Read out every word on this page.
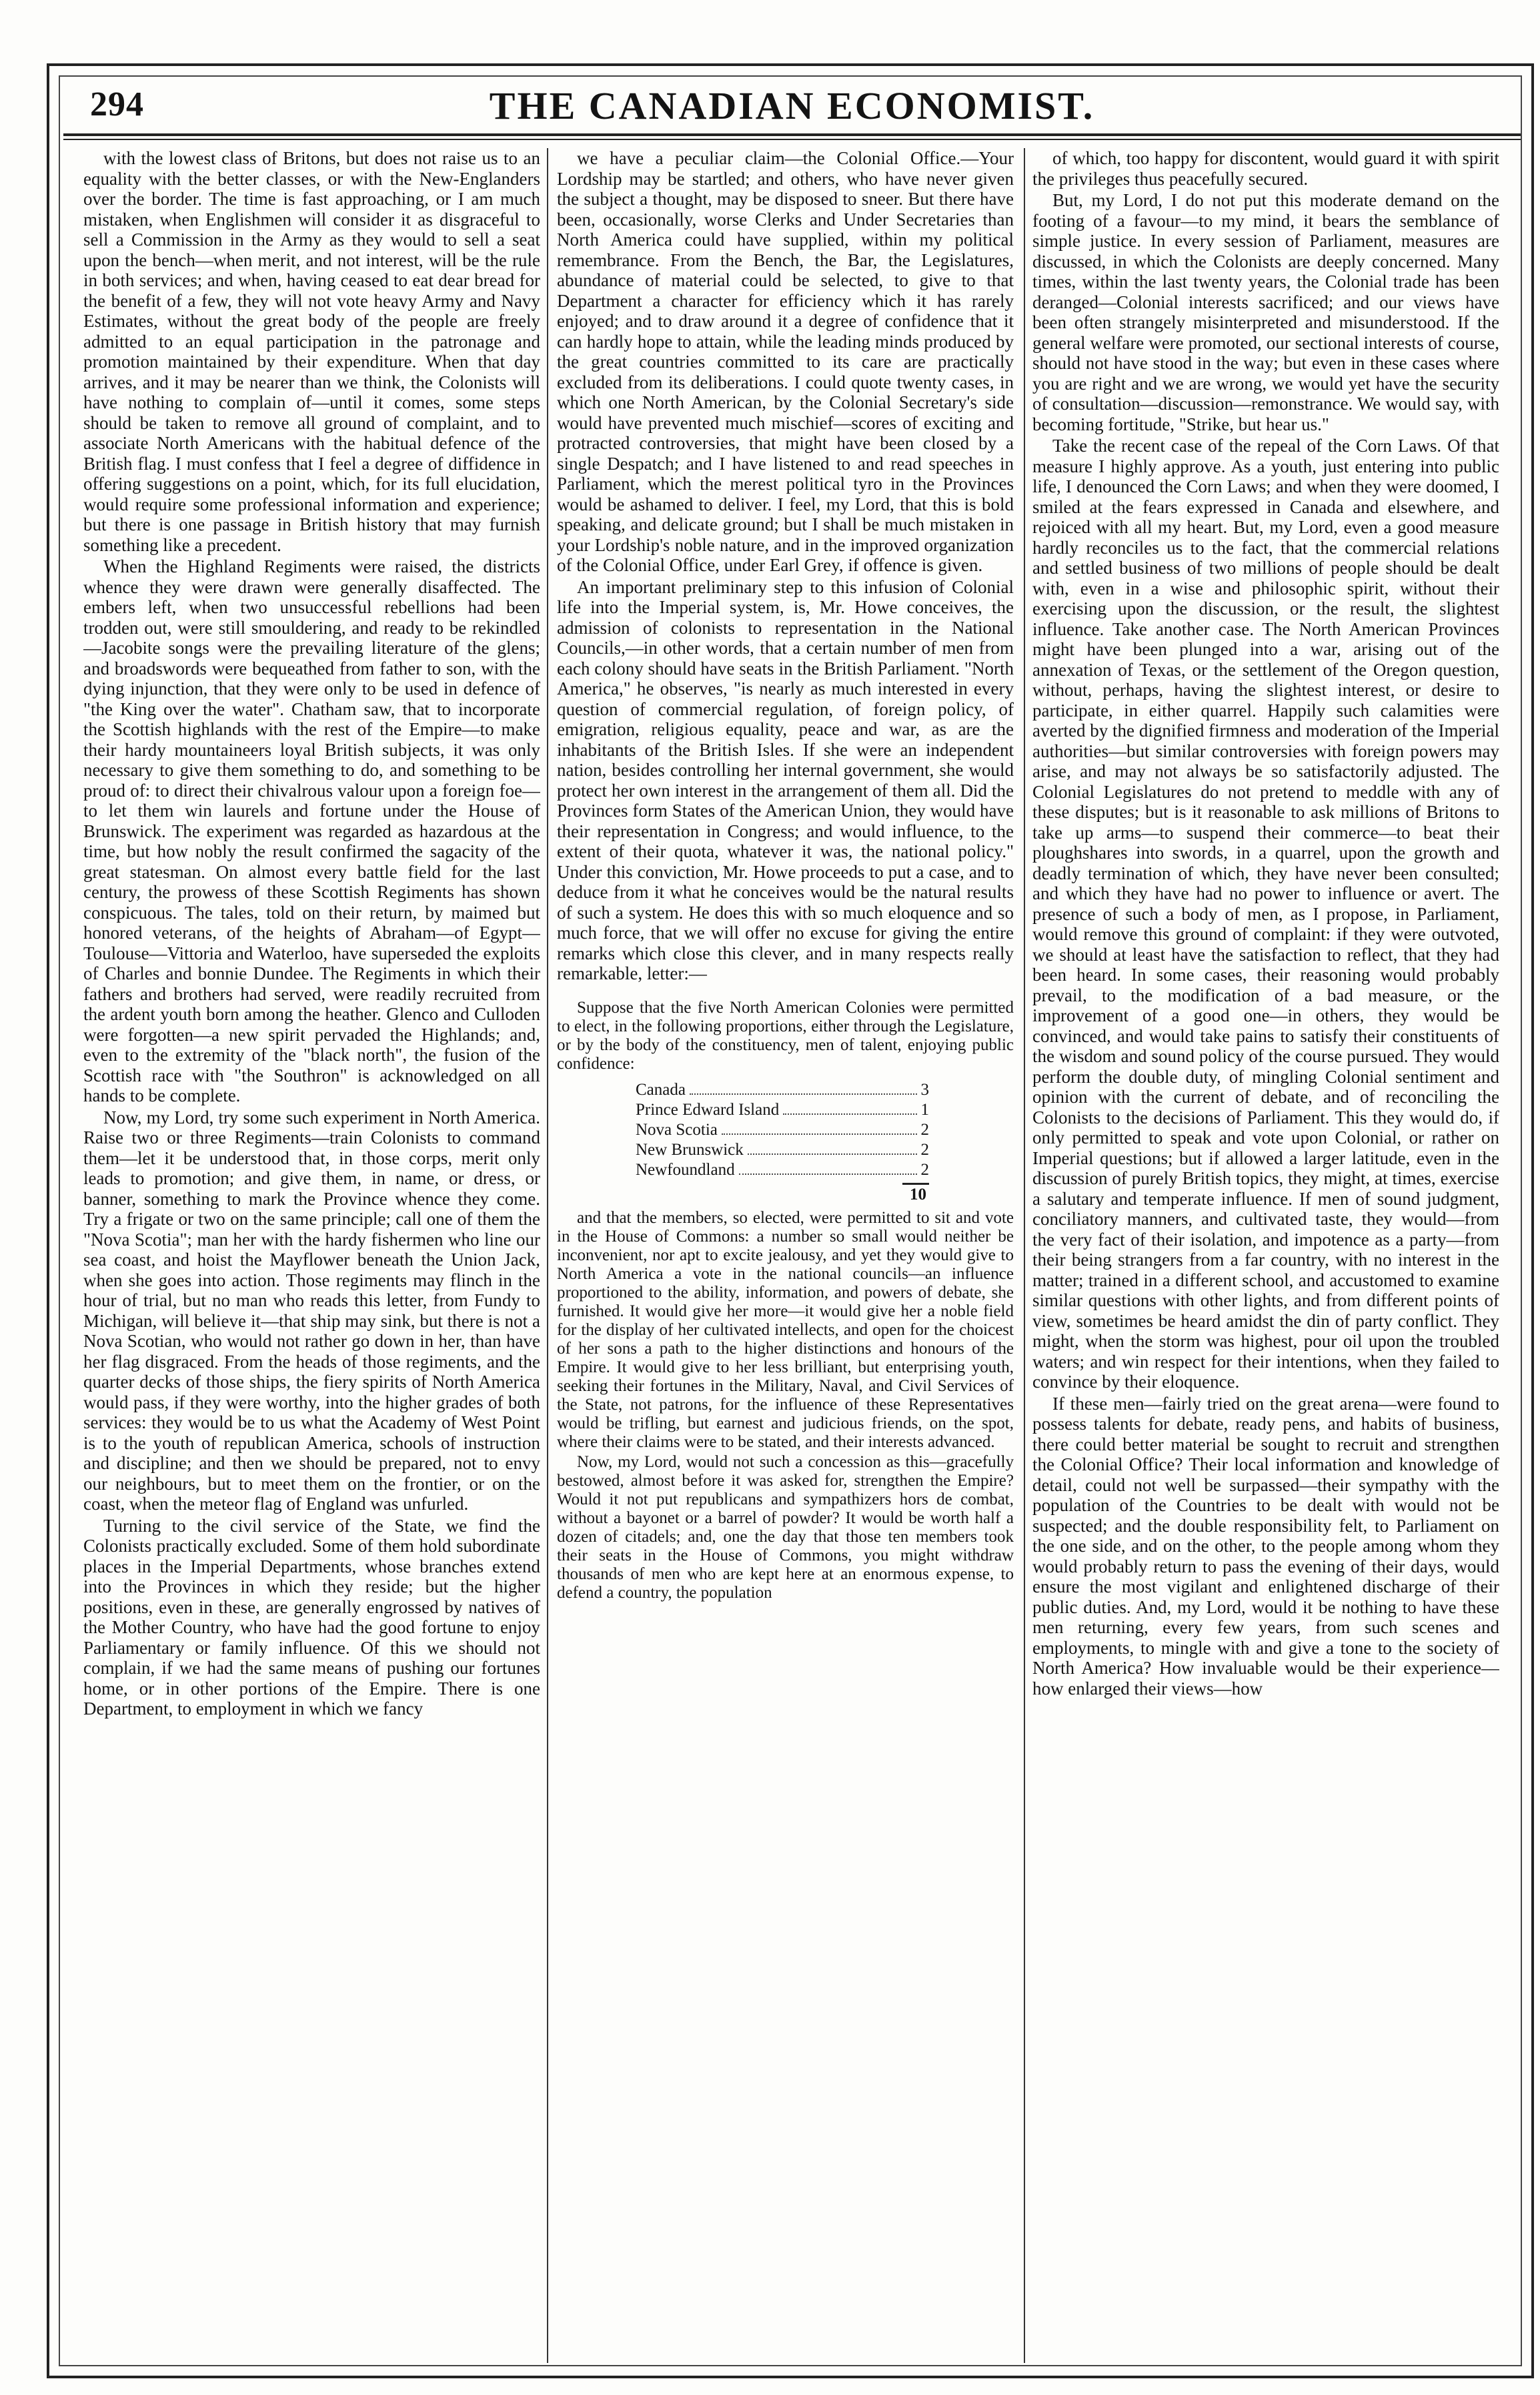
294	THE CANADIAN ECONOMIST.

with the lowest class of Britons, but does not raise us to an equality with the better classes, or with the New-Englanders over the border. The time is fast approaching, or I am much mistaken, when Englishmen will consider it as disgraceful to sell a Commission in the Army as they would to sell a seat upon the bench—when merit, and not interest, will be the rule in both services; and when, having ceased to eat dear bread for the benefit of a few, they will not vote heavy Army and Navy Estimates, without the great body of the people are freely admitted to an equal participation in the patronage and promotion maintained by their expenditure. When that day arrives, and it may be nearer than we think, the Colonists will have nothing to complain of—until it comes, some steps should be taken to remove all ground of complaint, and to associate North Americans with the habitual defence of the British flag. I must confess that I feel a degree of diffidence in offering suggestions on a point, which, for its full elucidation, would require some professional information and experience; but there is one passage in British history that may furnish something like a precedent.

When the Highland Regiments were raised, the districts whence they were drawn were generally disaffected. The embers left, when two unsuccessful rebellions had been trodden out, were still smouldering, and ready to be rekindled—Jacobite songs were the prevailing literature of the glens; and broadswords were bequeathed from father to son, with the dying injunction, that they were only to be used in defence of "the King over the water". Chatham saw, that to incorporate the Scottish highlands with the rest of the Empire—to make their hardy mountaineers loyal British subjects, it was only necessary to give them something to do, and something to be proud of: to direct their chivalrous valour upon a foreign foe—to let them win laurels and fortune under the House of Brunswick. The experiment was regarded as hazardous at the time, but how nobly the result confirmed the sagacity of the great statesman. On almost every battle field for the last century, the prowess of these Scottish Regiments has shown conspicuous. The tales, told on their return, by maimed but honored veterans, of the heights of Abraham—of Egypt—Toulouse—Vittoria and Waterloo, have superseded the exploits of Charles and bonnie Dundee. The Regiments in which their fathers and brothers had served, were readily recruited from the ardent youth born among the heather. Glenco and Culloden were forgotten—a new spirit pervaded the Highlands; and, even to the extremity of the "black north", the fusion of the Scottish race with "the Southron" is acknowledged on all hands to be complete.

Now, my Lord, try some such experiment in North America. Raise two or three Regiments—train Colonists to command them—let it be understood that, in those corps, merit only leads to promotion; and give them, in name, or dress, or banner, something to mark the Province whence they come. Try a frigate or two on the same principle; call one of them the "Nova Scotia"; man her with the hardy fishermen who line our sea coast, and hoist the Mayflower beneath the Union Jack, when she goes into action. Those regiments may flinch in the hour of trial, but no man who reads this letter, from Fundy to Michigan, will believe it—that ship may sink, but there is not a Nova Scotian, who would not rather go down in her, than have her flag disgraced. From the heads of those regiments, and the quarter decks of those ships, the fiery spirits of North America would pass, if they were worthy, into the higher grades of both services: they would be to us what the Academy of West Point is to the youth of republican America, schools of instruction and discipline; and then we should be prepared, not to envy our neighbours, but to meet them on the frontier, or on the coast, when the meteor flag of England was unfurled.

Turning to the civil service of the State, we find the Colonists practically excluded. Some of them hold subordinate places in the Imperial Departments, whose branches extend into the Provinces in which they reside; but the higher positions, even in these, are generally engrossed by natives of the Mother Country, who have had the good fortune to enjoy Parliamentary or family influence. Of this we should not complain, if we had the same means of pushing our fortunes home, or in other portions of the Empire. There is one Department, to employment in which we fancy

we have a peculiar claim—the Colonial Office.—Your Lordship may be startled; and others, who have never given the subject a thought, may be disposed to sneer. But there have been, occasionally, worse Clerks and Under Secretaries than North America could have supplied, within my political remembrance. From the Bench, the Bar, the Legislatures, abundance of material could be selected, to give to that Department a character for efficiency which it has rarely enjoyed; and to draw around it a degree of confidence that it can hardly hope to attain, while the leading minds produced by the great countries committed to its care are practically excluded from its deliberations. I could quote twenty cases, in which one North American, by the Colonial Secretary's side would have prevented much mischief—scores of exciting and protracted controversies, that might have been closed by a single Despatch; and I have listened to and read speeches in Parliament, which the merest political tyro in the Provinces would be ashamed to deliver. I feel, my Lord, that this is bold speaking, and delicate ground; but I shall be much mistaken in your Lordship's noble nature, and in the improved organization of the Colonial Office, under Earl Grey, if offence is given.

An important preliminary step to this infusion of Colonial life into the Imperial system, is, Mr. Howe conceives, the admission of colonists to representation in the National Councils,—in other words, that a certain number of men from each colony should have seats in the British Parliament. "North America," he observes, "is nearly as much interested in every question of commercial regulation, of foreign policy, of emigration, religious equality, peace and war, as are the inhabitants of the British Isles. If she were an independent nation, besides controlling her internal government, she would protect her own interest in the arrangement of them all. Did the Provinces form States of the American Union, they would have their representation in Congress; and would influence, to the extent of their quota, whatever it was, the national policy." Under this conviction, Mr. Howe proceeds to put a case, and to deduce from it what he conceives would be the natural results of such a system. He does this with so much eloquence and so much force, that we will offer no excuse for giving the entire remarks which close this clever, and in many respects really remarkable, letter:—

Suppose that the five North American Colonies were permitted to elect, in the following proportions, either through the Legislature, or by the body of the constituency, men of talent, enjoying public confidence:

Canada	3
Prince Edward Island	1
Nova Scotia	2
New Brunswick	2
Newfoundland	2
10

and that the members, so elected, were permitted to sit and vote in the House of Commons: a number so small would neither be inconvenient, nor apt to excite jealousy, and yet they would give to North America a vote in the national councils—an influence proportioned to the ability, information, and powers of debate, she furnished. It would give her more—it would give her a noble field for the display of her cultivated intellects, and open for the choicest of her sons a path to the higher distinctions and honours of the Empire. It would give to her less brilliant, but enterprising youth, seeking their fortunes in the Military, Naval, and Civil Services of the State, not patrons, for the influence of these Representatives would be trifling, but earnest and judicious friends, on the spot, where their claims were to be stated, and their interests advanced.

Now, my Lord, would not such a concession as this—gracefully bestowed, almost before it was asked for, strengthen the Empire? Would it not put republicans and sympathizers hors de combat, without a bayonet or a barrel of powder? It would be worth half a dozen of citadels; and, one the day that those ten members took their seats in the House of Commons, you might withdraw thousands of men who are kept here at an enormous expense, to defend a country, the population

of which, too happy for discontent, would guard it with spirit the privileges thus peacefully secured.

But, my Lord, I do not put this moderate demand on the footing of a favour—to my mind, it bears the semblance of simple justice. In every session of Parliament, measures are discussed, in which the Colonists are deeply concerned. Many times, within the last twenty years, the Colonial trade has been deranged—Colonial interests sacrificed; and our views have been often strangely misinterpreted and misunderstood. If the general welfare were promoted, our sectional interests of course, should not have stood in the way; but even in these cases where you are right and we are wrong, we would yet have the security of consultation—discussion—remonstrance. We would say, with becoming fortitude, "Strike, but hear us."

Take the recent case of the repeal of the Corn Laws. Of that measure I highly approve. As a youth, just entering into public life, I denounced the Corn Laws; and when they were doomed, I smiled at the fears expressed in Canada and elsewhere, and rejoiced with all my heart. But, my Lord, even a good measure hardly reconciles us to the fact, that the commercial relations and settled business of two millions of people should be dealt with, even in a wise and philosophic spirit, without their exercising upon the discussion, or the result, the slightest influence. Take another case. The North American Provinces might have been plunged into a war, arising out of the annexation of Texas, or the settlement of the Oregon question, without, perhaps, having the slightest interest, or desire to participate, in either quarrel. Happily such calamities were averted by the dignified firmness and moderation of the Imperial authorities—but similar controversies with foreign powers may arise, and may not always be so satisfactorily adjusted. The Colonial Legislatures do not pretend to meddle with any of these disputes; but is it reasonable to ask millions of Britons to take up arms—to suspend their commerce—to beat their ploughshares into swords, in a quarrel, upon the growth and deadly termination of which, they have never been consulted; and which they have had no power to influence or avert. The presence of such a body of men, as I propose, in Parliament, would remove this ground of complaint: if they were outvoted, we should at least have the satisfaction to reflect, that they had been heard. In some cases, their reasoning would probably prevail, to the modification of a bad measure, or the improvement of a good one—in others, they would be convinced, and would take pains to satisfy their constituents of the wisdom and sound policy of the course pursued. They would perform the double duty, of mingling Colonial sentiment and opinion with the current of debate, and of reconciling the Colonists to the decisions of Parliament. This they would do, if only permitted to speak and vote upon Colonial, or rather on Imperial questions; but if allowed a larger latitude, even in the discussion of purely British topics, they might, at times, exercise a salutary and temperate influence. If men of sound judgment, conciliatory manners, and cultivated taste, they would—from the very fact of their isolation, and impotence as a party—from their being strangers from a far country, with no interest in the matter; trained in a different school, and accustomed to examine similar questions with other lights, and from different points of view, sometimes be heard amidst the din of party conflict. They might, when the storm was highest, pour oil upon the troubled waters; and win respect for their intentions, when they failed to convince by their eloquence.

If these men—fairly tried on the great arena—were found to possess talents for debate, ready pens, and habits of business, there could better material be sought to recruit and strengthen the Colonial Office? Their local information and knowledge of detail, could not well be surpassed—their sympathy with the population of the Countries to be dealt with would not be suspected; and the double responsibility felt, to Parliament on the one side, and on the other, to the people among whom they would probably return to pass the evening of their days, would ensure the most vigilant and enlightened discharge of their public duties. And, my Lord, would it be nothing to have these men returning, every few years, from such scenes and employments, to mingle with and give a tone to the society of North America? How invaluable would be their experience—how enlarged their views—how
